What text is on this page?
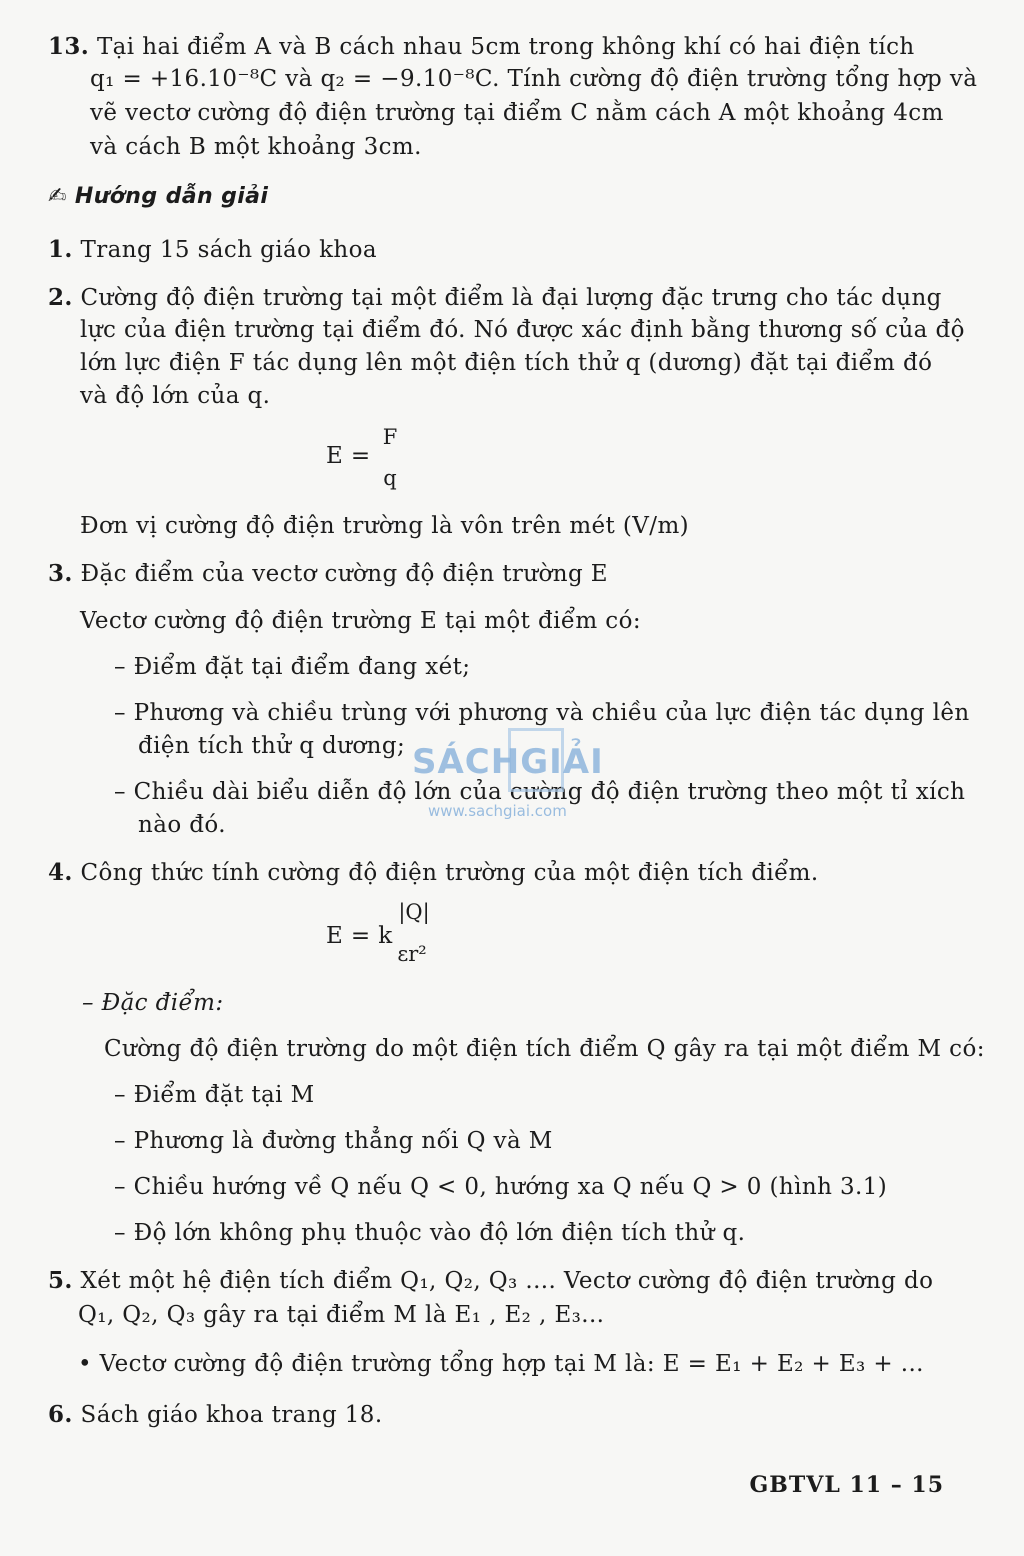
13. Tại hai điểm A và B cách nhau 5cm trong không khí có hai điện tích
q₁ = +16.10⁻⁸C và q₂ = −9.10⁻⁸C. Tính cường độ điện trường tổng hợp và
vẽ vectơ cường độ điện trường tại điểm C nằm cách A một khoảng 4cm
và cách B một khoảng 3cm.
✍ Hướng dẫn giải
1. Trang 15 sách giáo khoa
2. Cường độ điện trường tại một điểm là đại lượng đặc trưng cho tác dụng
lực của điện trường tại điểm đó. Nó được xác định bằng thương số của độ
lớn lực điện F tác dụng lên một điện tích thử q (dương) đặt tại điểm đó
và độ lớn của q.
E =
F
q
Đơn vị cường độ điện trường là vôn trên mét (V/m)
3. Đặc điểm của vectơ cường độ điện trường E
Vectơ cường độ điện trường E tại một điểm có:
– Điểm đặt tại điểm đang xét;
– Phương và chiều trùng với phương và chiều của lực điện tác dụng lên
điện tích thử q dương;
– Chiều dài biểu diễn độ lớn của cường độ điện trường theo một tỉ xích
nào đó.
SÁCHGIẢI
www.sachgiai.com
4. Công thức tính cường độ điện trường của một điện tích điểm.
E = k
|Q|
εr²
– Đặc điểm:
Cường độ điện trường do một điện tích điểm Q gây ra tại một điểm M có:
– Điểm đặt tại M
– Phương là đường thẳng nối Q và M
– Chiều hướng về Q nếu Q < 0, hướng xa Q nếu Q > 0 (hình 3.1)
– Độ lớn không phụ thuộc vào độ lớn điện tích thử q.
5. Xét một hệ điện tích điểm Q₁, Q₂, Q₃ .... Vectơ cường độ điện trường do
Q₁, Q₂, Q₃ gây ra tại điểm M là E₁ , E₂ , E₃...
• Vectơ cường độ điện trường tổng hợp tại M là: E = E₁ + E₂ + E₃ + ...
6. Sách giáo khoa trang 18.
GBTVL 11 – 15
